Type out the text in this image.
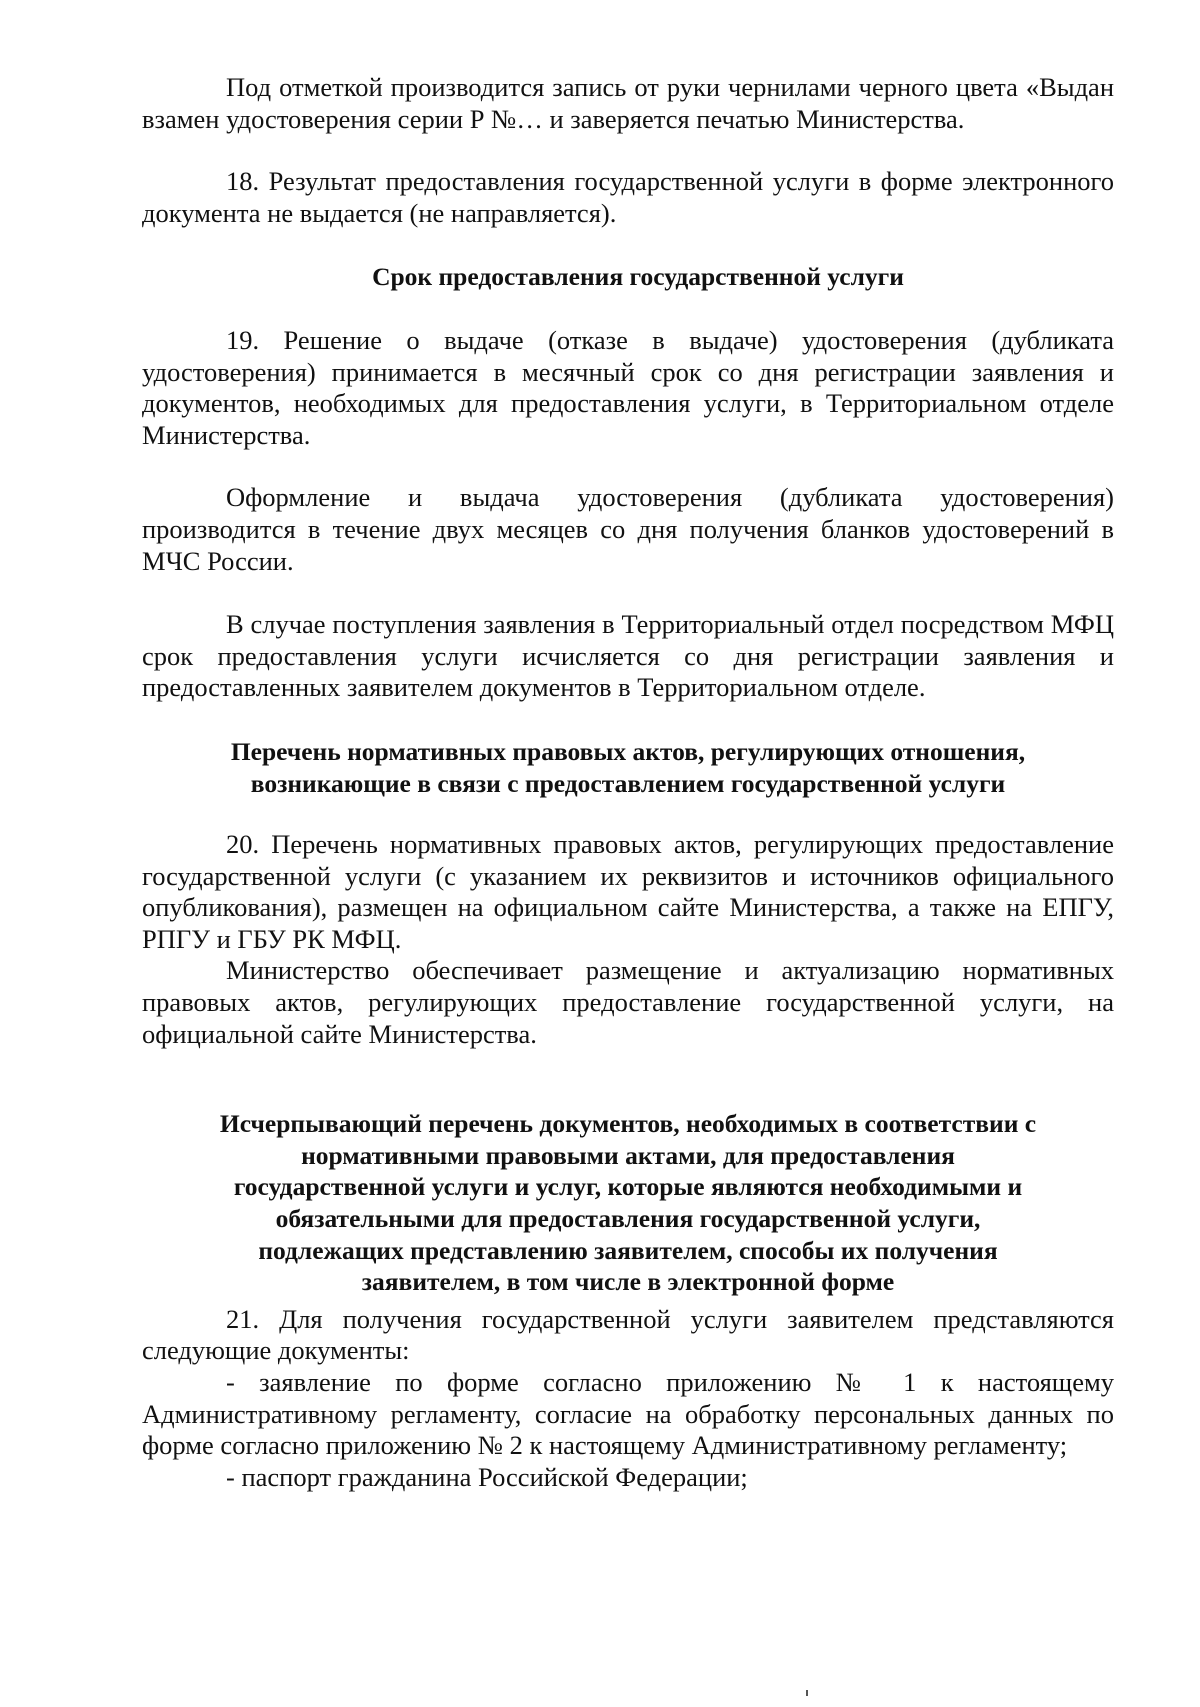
Под отметкой производится запись от руки чернилами черного цвета «Выдан взамен удостоверения серии Р №… и заверяется печатью Министерства.

18. Результат предоставления государственной услуги в форме электронного документа не выдается (не направляется).

Срок предоставления государственной услуги

19. Решение о выдаче (отказе в выдаче) удостоверения (дубликата удостоверения) принимается в месячный срок со дня регистрации заявления и документов, необходимых для предоставления услуги, в Территориальном отделе Министерства.

Оформление и выдача удостоверения (дубликата удостоверения) производится в течение двух месяцев со дня получения бланков удостоверений в МЧС России.

В случае поступления заявления в Территориальный отдел посредством МФЦ срок предоставления услуги исчисляется со дня регистрации заявления и предоставленных заявителем документов в Территориальном отделе.

Перечень нормативных правовых актов, регулирующих отношения,
возникающие в связи с предоставлением государственной услуги

20. Перечень нормативных правовых актов, регулирующих предоставление государственной услуги (с указанием их реквизитов и источников официального опубликования), размещен на официальном сайте Министерства, а также на ЕПГУ, РПГУ и ГБУ РК МФЦ.

Министерство обеспечивает размещение и актуализацию нормативных правовых актов, регулирующих предоставление государственной услуги, на официальной сайте Министерства.

Исчерпывающий перечень документов, необходимых в соответствии с
нормативными правовыми актами, для предоставления
государственной услуги и услуг, которые являются необходимыми и
обязательными для предоставления государственной услуги,
подлежащих представлению заявителем, способы их получения
заявителем, в том числе в электронной форме

21. Для получения государственной услуги заявителем представляются следующие документы:

- заявление по форме согласно приложению № 1 к настоящему Административному регламенту, согласие на обработку персональных данных по форме согласно приложению № 2 к настоящему Административному регламенту;

- паспорт гражданина Российской Федерации;
